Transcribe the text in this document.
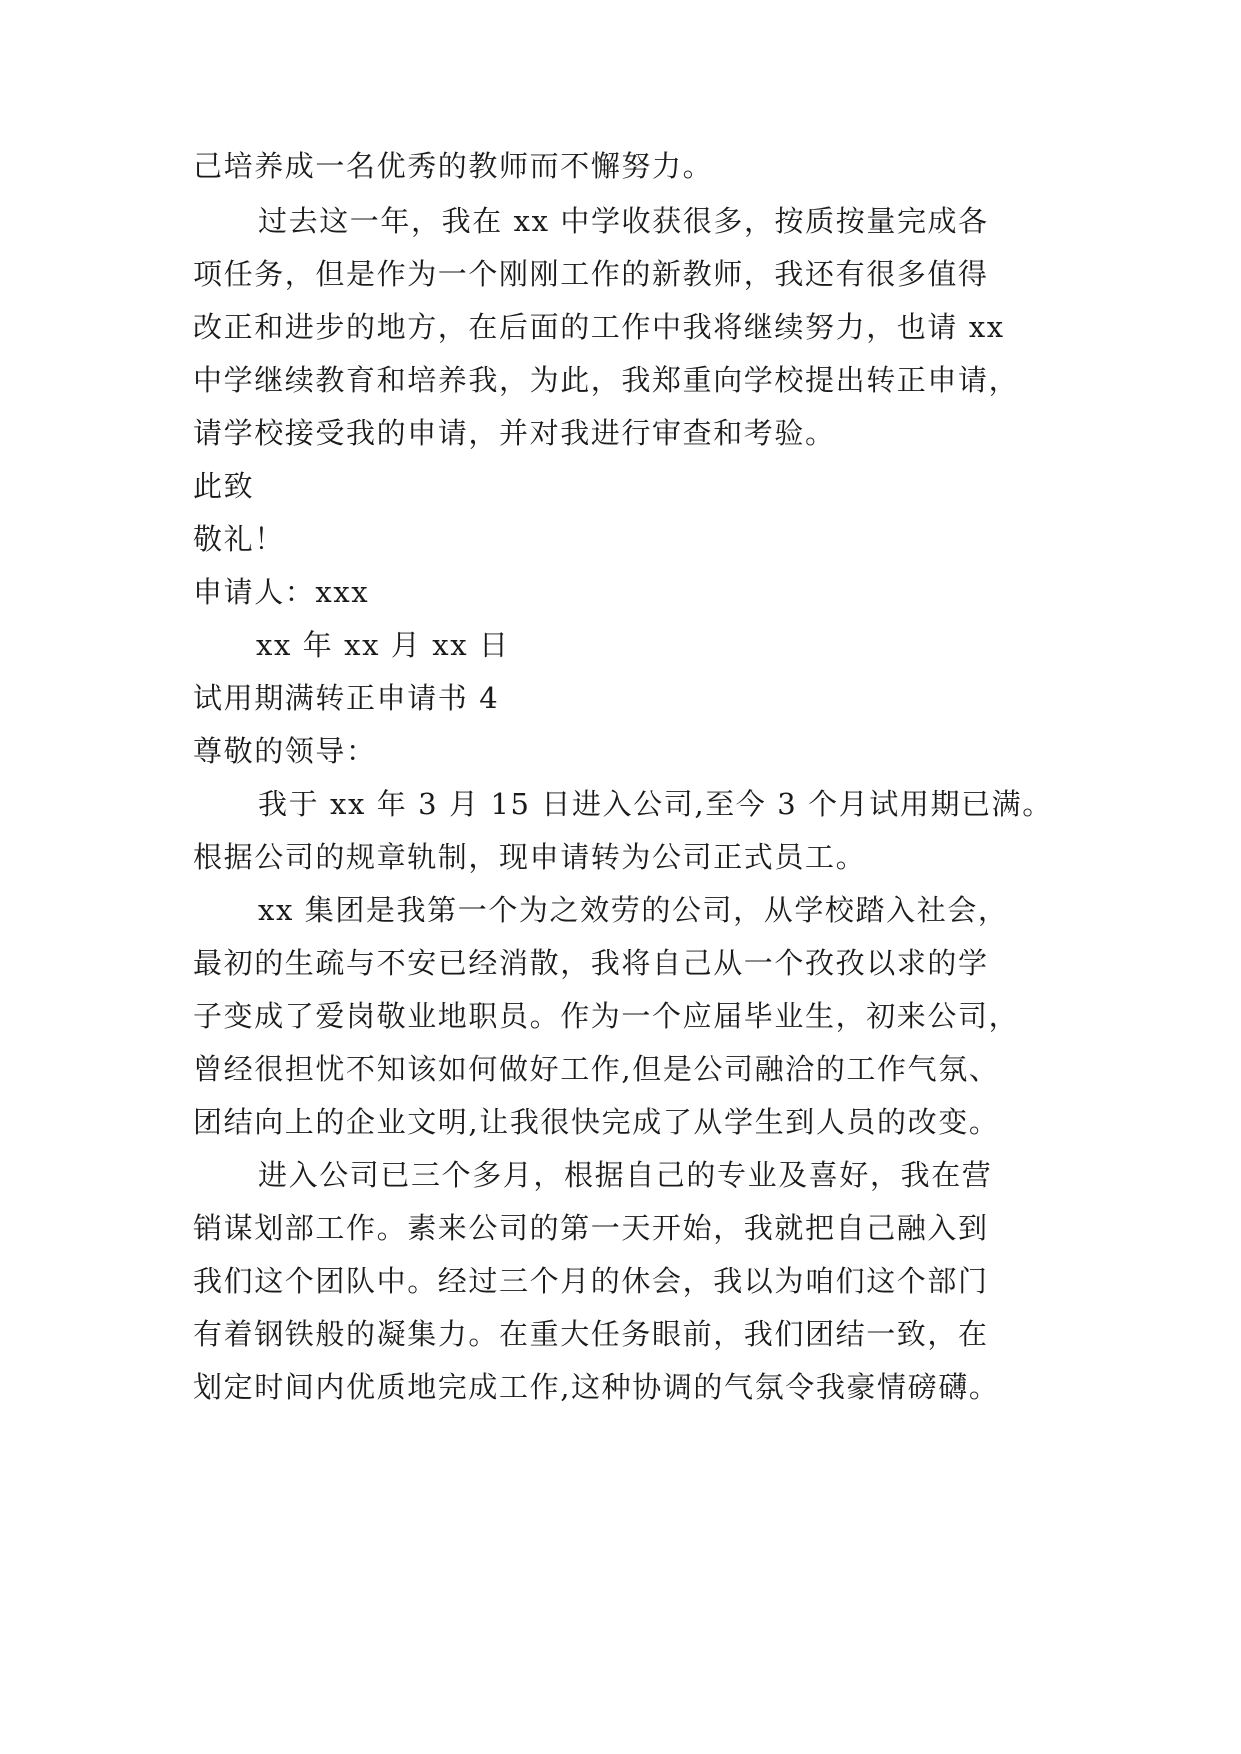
己培养成一名优秀的教师而不懈努力。
过去这一年，我在 xx 中学收获很多，按质按量完成各
项任务，但是作为一个刚刚工作的新教师，我还有很多值得
改正和进步的地方，在后面的工作中我将继续努力，也请 xx
中学继续教育和培养我，为此，我郑重向学校提出转正申请，
请学校接受我的申请，并对我进行审查和考验。
此致
敬礼！
申请人：xxx
xx 年 xx 月 xx 日
试用期满转正申请书 4
尊敬的领导：
我于 xx 年 3 月 15 日进入公司,至今 3 个月试用期已满。
根据公司的规章轨制，现申请转为公司正式员工。
xx 集团是我第一个为之效劳的公司，从学校踏入社会，
最初的生疏与不安已经消散，我将自己从一个孜孜以求的学
子变成了爱岗敬业地职员。作为一个应届毕业生，初来公司，
曾经很担忧不知该如何做好工作,但是公司融洽的工作气氛、
团结向上的企业文明,让我很快完成了从学生到人员的改变。
进入公司已三个多月，根据自己的专业及喜好，我在营
销谋划部工作。素来公司的第一天开始，我就把自己融入到
我们这个团队中。经过三个月的休会，我以为咱们这个部门
有着钢铁般的凝集力。在重大任务眼前，我们团结一致，在
划定时间内优质地完成工作,这种协调的气氛令我豪情磅礴。
